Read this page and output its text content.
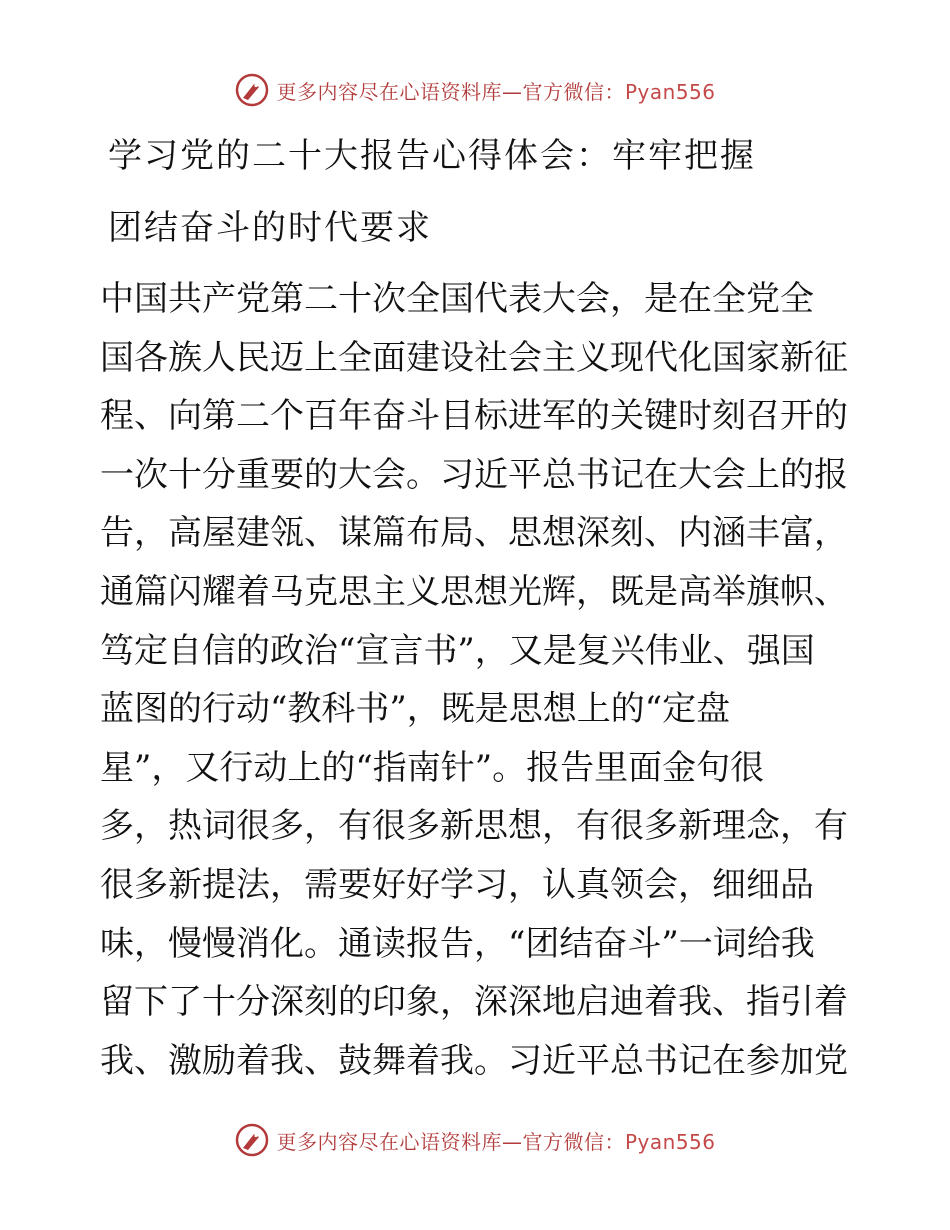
更多内容尽在心语资料库—官方微信：Pyan556
学习党的二十大报告心得体会：牢牢把握
团结奋斗的时代要求
中国共产党第二十次全国代表大会，是在全党全
国各族人民迈上全面建设社会主义现代化国家新征
程、向第二个百年奋斗目标进军的关键时刻召开的
一次十分重要的大会。习近平总书记在大会上的报
告，高屋建瓴、谋篇布局、思想深刻、内涵丰富，
通篇闪耀着马克思主义思想光辉，既是高举旗帜、
笃定自信的政治“宣言书”，又是复兴伟业、强国
蓝图的行动“教科书”，既是思想上的“定盘
星”，又行动上的“指南针”。报告里面金句很
多，热词很多，有很多新思想，有很多新理念，有
很多新提法，需要好好学习，认真领会，细细品
味，慢慢消化。通读报告，“团结奋斗”一词给我
留下了十分深刻的印象，深深地启迪着我、指引着
我、激励着我、鼓舞着我。习近平总书记在参加党
更多内容尽在心语资料库—官方微信：Pyan556
